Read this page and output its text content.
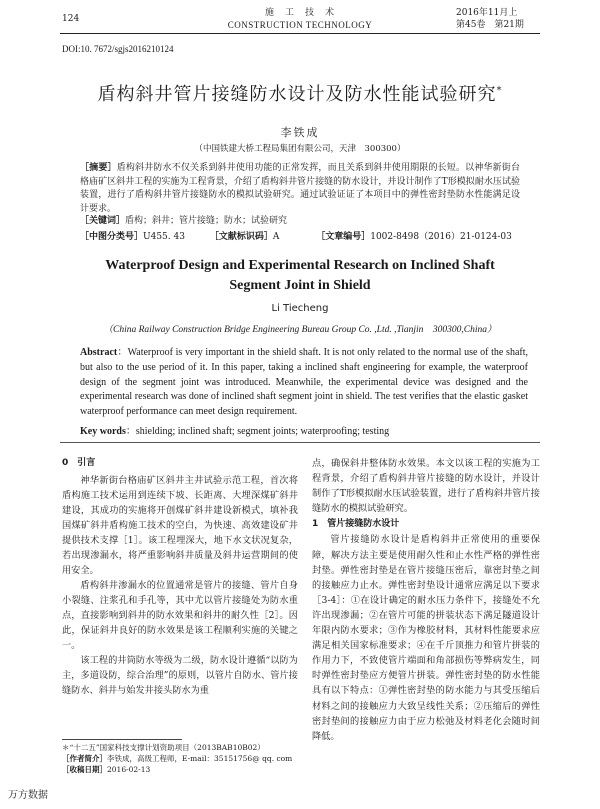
124
施　工　技　术
CONSTRUCTION TECHNOLOGY
2016年11月上
第45卷　第21期
DOI:10. 7672/sgjs2016210124
盾构斜井管片接缝防水设计及防水性能试验研究*
李铁成
（中国铁建大桥工程局集团有限公司，天津　300300）
［摘要］盾构斜井防水不仅关系到斜井使用功能的正常发挥，而且关系到斜井使用期限的长短。以神华新街台格庙矿区斜井工程的实施为工程背景，介绍了盾构斜井管片接缝的防水设计，并设计制作了T形模拟耐水压试验装置，进行了盾构斜井管片接缝防水的模拟试验研究。通过试验证证了本项目中的弹性密封垫防水性能满足设计要求。
［关键词］盾构；斜井；管片接缝；防水；试验研究
［中图分类号］U455. 43	［文献标识码］A	［文章编号］1002-8498（2016）21-0124-03
Waterproof Design and Experimental Research on Inclined Shaft
Segment Joint in Shield
Li Tiecheng
（China Railway Construction Bridge Engineering Bureau Group Co. ,Ltd. ,Tianjin　300300,China）
Abstract：Waterproof is very important in the shield shaft. It is not only related to the normal use of the shaft, but also to the use period of it. In this paper, taking a inclined shaft engineering for example, the waterproof design of the segment joint was introduced. Meanwhile, the experimental device was designed and the experimental research was done of inclined shaft segment joint in shield. The test verifies that the elastic gasket waterproof performance can meet design requirement.
Key words：shielding; inclined shaft; segment joints; waterproofing; testing

0　引言

神华新街台格庙矿区斜井主井试验示范工程，首次将盾构施工技术运用到连续下坡、长距离、大埋深煤矿斜井建设，其成功的实施将开创煤矿斜井建设新模式，填补我国煤矿斜井盾构施工技术的空白，为快速、高效建设矿井提供技术支撑［1］。该工程埋深大，地下水文状况复杂，若出现渗漏水，将严重影响斜井质量及斜井运营期间的使用安全。

盾构斜井渗漏水的位置通常是管片的接缝、管片自身小裂缝、注浆孔和手孔等，其中尤以管片接缝处为防水重点，直接影响到斜井的防水效果和斜井的耐久性［2］。因此，保证斜井良好的防水效果是该工程顺利实施的关键之一。

该工程的井筒防水等级为二级，防水设计遵循“以防为主，多道设防，综合治理”的原则，以管片自防水、管片接缝防水、斜井与始发井接头防水为重

点，确保斜井整体防水效果。本文以该工程的实施为工程背景，介绍了盾构斜井管片接缝的防水设计，并设计制作了T形模拟耐水压试验装置，进行了盾构斜井管片接缝防水的模拟试验研究。

1　管片接缝防水设计

管片接缝防水设计是盾构斜井正常使用的重要保障，解决方法主要是使用耐久性和止水性严格的弹性密封垫。弹性密封垫是在管片接缝压密后，靠密封垫之间的接触应力止水。弹性密封垫设计通常应满足以下要求［3-4］：①在设计确定的耐水压力条件下，接缝处不允许出现渗漏；②在管片可能的拼装状态下满足隧道设计年限内防水要求；③作为橡胶材料，其材料性能要求应满足相关国家标准要求；④在千斤顶推力和管片拼装的作用力下，不致使管片端面和角部损伤等弊病发生，同时弹性密封垫应方便管片拼装。弹性密封垫的防水性能具有以下特点：①弹性密封垫的防水能力与其受压缩后材料之间的接触应力大致呈线性关系；②压缩后的弹性密封垫间的接触应力由于应力松弛及材料老化会随时间降低。

＊“十二五”国家科技支撑计划资助项目（2013BAB10B02）
［作者简介］李铁成，高级工程师，E-mail：35151756@ qq. com
［收稿日期］2016-02-13
万方数据
